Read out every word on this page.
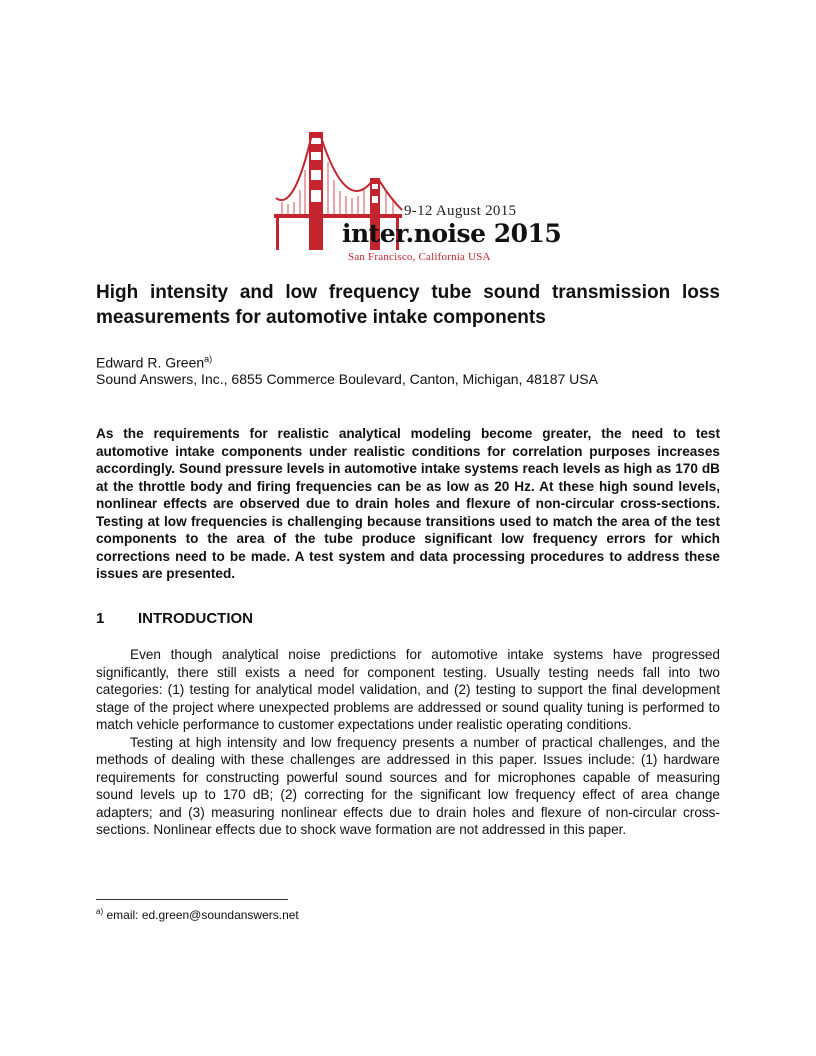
9-12 August 2015
inter.noise 2015
San Francisco, California USA
High intensity and low frequency tube sound transmission loss
measurements for automotive intake components
Edward R. Green$^{a)}$
Sound Answers, Inc., 6855 Commerce Boulevard, Canton, Michigan, 48187 USA

As the requirements for realistic analytical modeling become greater, the need to test automotive intake components under realistic conditions for correlation purposes increases accordingly. Sound pressure levels in automotive intake systems reach levels as high as 170 dB at the throttle body and firing frequencies can be as low as 20 Hz. At these high sound levels, nonlinear effects are observed due to drain holes and flexure of non-circular cross-sections. Testing at low frequencies is challenging because transitions used to match the area of the test components to the area of the tube produce significant low frequency errors for which corrections need to be made. A test system and data processing procedures to address these issues are presented.

1 INTRODUCTION

Even though analytical noise predictions for automotive intake systems have progressed significantly, there still exists a need for component testing. Usually testing needs fall into two categories: (1) testing for analytical model validation, and (2) testing to support the final development stage of the project where unexpected problems are addressed or sound quality tuning is performed to match vehicle performance to customer expectations under realistic operating conditions.

Testing at high intensity and low frequency presents a number of practical challenges, and the methods of dealing with these challenges are addressed in this paper. Issues include: (1) hardware requirements for constructing powerful sound sources and for microphones capable of measuring sound levels up to 170 dB; (2) correcting for the significant low frequency effect of area change adapters; and (3) measuring nonlinear effects due to drain holes and flexure of non-circular cross-sections. Nonlinear effects due to shock wave formation are not addressed in this paper.

$^{a)}$ email: ed.green@soundanswers.net
